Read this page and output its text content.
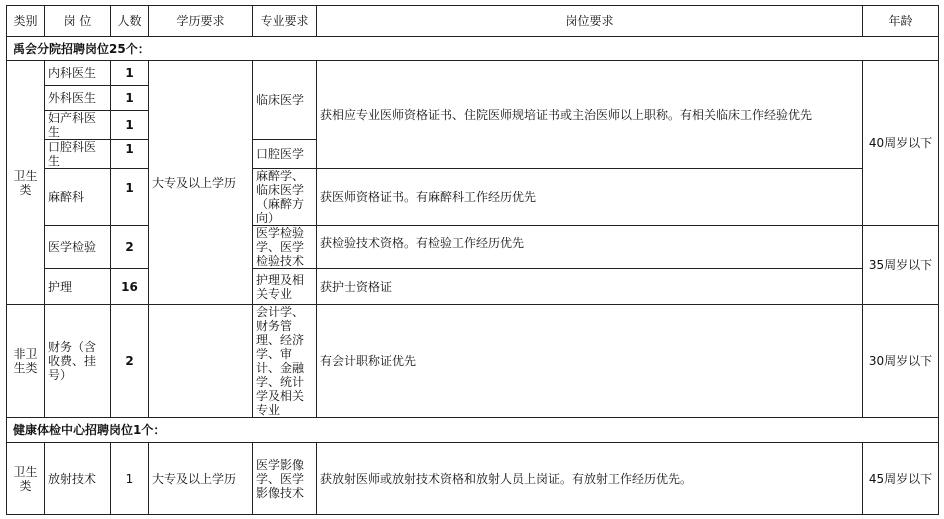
类别	岗 位	人数	学历要求	专业要求	岗位要求	年龄
禹会分院招聘岗位25个：						
卫生类	内科医生	1	大专及以上学历	临床医学	获相应专业医师资格证书、住院医师规培证书或主治医师以上职称。有相关临床工作经验优先	40周岁以下
	外科医生	1				
	妇产科医生	1				
	口腔科医生	1		口腔医学		
	麻醉科	1		麻醉学、临床医学（麻醉方向）	获医师资格证书。有麻醉科工作经历优先	
	医学检验	2		医学检验学、医学检验技术	获检验技术资格。有检验工作经历优先	35周岁以下
	护理	16		护理及相关专业	获护士资格证	
非卫生类	财务（含收费、挂号）	2		会计学、财务管理、经济学、审计、金融学、统计学及相关专业	有会计职称证优先	30周岁以下
健康体检中心招聘岗位1个：						
卫生类	放射技术	1	大专及以上学历	医学影像学、医学影像技术	获放射医师或放射技术资格和放射人员上岗证。有放射工作经历优先。	45周岁以下
